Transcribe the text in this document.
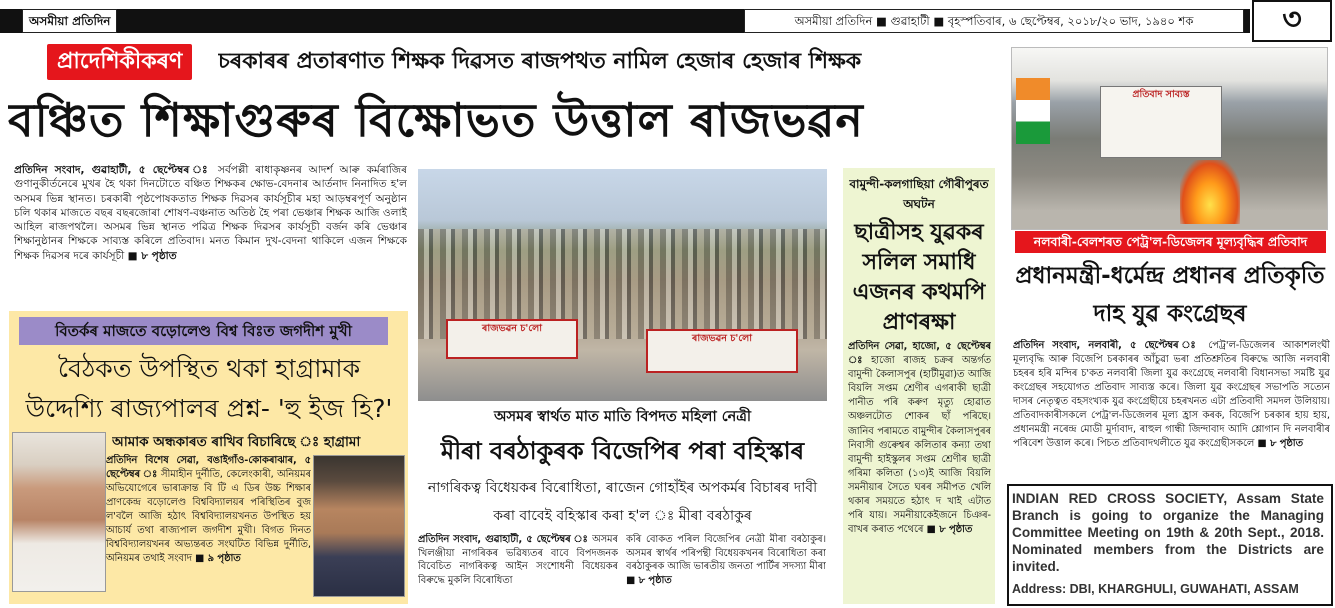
অসমীয়া প্ৰতিদিন	অসমীয়া প্ৰতিদিন ■ গুৱাহাটী ■ বৃহস্পতিবাৰ, ৬ ছেপ্টেম্বৰ, ২০১৮/২০ ভাদ, ১৯৪০ শক	৩
প্ৰাদেশিকীকৰণ	চৰকাৰৰ প্ৰতাৰণাত শিক্ষক দিৱসত ৰাজপথত নামিল হেজাৰ হেজাৰ শিক্ষক
বঞ্চিত শিক্ষাগুৰুৰ বিক্ষোভত উত্তাল ৰাজভৱন
প্ৰতিদিন সংবাদ, গুৱাহাটী, ৫ ছেপ্টেম্বৰ ঃ সৰ্বপল্লী ৰাধাকৃষ্ণনৰ আদৰ্শ আৰু কৰ্মৰাজিৰ গুণানুকীৰ্তনেৰে মুখৰ হৈ থকা দিনটোতে বঞ্চিত শিক্ষকৰ ক্ষোভ-বেদনাৰ আৰ্তনাদ নিনাদিত হ'ল অসমৰ ভিন্ন স্থানত। চৰকাৰী পৃষ্ঠপোষকতাত শিক্ষক দিৱসৰ কাৰ্যসূচীৰ মহা আড়ম্বৰপূৰ্ণ অনুষ্ঠান চলি থকাৰ মাজতে বছৰ বছৰজোৰা শোষণ-বঞ্চনাত অতিষ্ঠ হৈ পৰা ভেঞ্চাৰ শিক্ষক আজি ওলাই আহিল ৰাজপথলৈ। অসমৰ ভিন্ন স্থানত পৱিত্ৰ শিক্ষক দিৱসৰ কাৰ্যসূচী বৰ্জন কৰি ভেঞ্চাৰ শিক্ষানুষ্ঠানৰ শিক্ষকে সাব্যস্ত কৰিলে প্ৰতিবাদ। মনত কিমান দুখ-বেদনা থাকিলে এজন শিক্ষকে শিক্ষক দিৱসৰ দৰে কাৰ্যসূচী ■ ৮ পৃষ্ঠাত
বিতৰ্কৰ মাজতে বড়োলেণ্ড বিশ্ব বিঃত জগদীশ মুখী
বৈঠকত উপস্থিত থকা হাগ্ৰামাক উদ্দেশ্যি ৰাজ্যপালৰ প্ৰশ্ন- 'হু ইজ হি?'
আমাক অন্ধকাৰত ৰাখিব বিচাৰিছে ঃ হাগ্ৰামা
প্ৰতিদিন বিশেষ সেৱা, বঙাইগাঁও-কোকৰাঝাৰ, ৫ ছেপ্টেম্বৰ ঃ সীমাহীন দুৰ্নীতি, কেলেংকাৰী, অনিয়মৰ অভিযোগেৰে ভাৰাক্ৰান্ত বি টি এ ডিৰ উচ্চ শিক্ষাৰ প্ৰাণকেন্দ্ৰ বড়োলেণ্ড বিশ্ববিদ্যালয়ৰ পৰিস্থিতিৰ বুজ ল'বলৈ আজি হঠাৎ বিশ্ববিদ্যালয়খনত উপস্থিত হয় আচাৰ্য তথা ৰাজ্যপাল জগদীশ মুখী। বিগত দিনত বিশ্ববিদ্যালয়খনৰ অভ্যন্তৰত সংঘটিত বিভিন্ন দুৰ্নীতি, অনিয়মৰ তথাই সংবাদ ■ ৯ পৃষ্ঠাত
ৰাজভৱন চ'লো
ৰাজভৱন চ'লো
অসমৰ স্বাৰ্থত মাত মাতি বিপদত মহিলা নেত্ৰী
মীৰা বৰঠাকুৰক বিজেপিৰ পৰা বহিস্কাৰ
নাগৰিকত্ব বিধেয়কৰ বিৰোধিতা, ৰাজেন গোহাঁইৰ অপকৰ্মৰ বিচাৰৰ দাবী কৰা বাবেই বহিস্কাৰ কৰা হ'ল ঃ মীৰা বৰঠাকুৰ
প্ৰতিদিন সংবাদ, গুৱাহাটী, ৫ ছেপ্টেম্বৰ ঃ অসমৰ খিলঞ্জীয়া নাগৰিকৰ ভৱিষ্যতৰ বাবে বিপদজনক বিবেচিত নাগৰিকত্ব আইন সংশোধনী বিধেয়কৰ বিৰুদ্ধে মুকলি বিৰোধিতা
কৰি বোকত পৰিল বিজেপিৰ নেত্ৰী মীৰা বৰঠাকুৰ। অসমৰ স্বাৰ্থৰ পৰিপন্থী বিধেয়কখনৰ বিৰোধিতা কৰা বৰঠাকুৰক আজি ভাৰতীয় জনতা পাৰ্টিৰ সদস্যা মীৰা ■ ৮ পৃষ্ঠাত
বামুন্দী-কলগাছিয়া গৌৰীপুৰত অঘটন
ছাত্ৰীসহ যুৱকৰ সলিল সমাধি এজনৰ কথমপি প্ৰাণৰক্ষা
প্ৰতিদিন সেৱা, হাজো, ৫ ছেপ্টেম্বৰ ঃ হাজো ৰাজহ চক্ৰৰ অন্তৰ্গত বামুন্দী কৈলাসপুৰ (হাটীমুৱা)ত আজি বিয়লি সপ্তম শ্ৰেণীৰ এগৰাকী ছাত্ৰী পানীত পৰি কৰুণ মৃত্যু হোৱাত অঞ্চলটোত শোকৰ ছাঁ পৰিছে। জানিব পৰামতে বামুন্দীৰ কৈলাসপুৰৰ নিবাসী গুৰুেশ্বৰ কলিতাৰ কন্যা তথা বামুন্দী হাইস্কুলৰ সপ্তম শ্ৰেণীৰ ছাত্ৰী গৰিমা কলিতা (১৩)ই আজি বিয়লি সমনীয়াৰ সৈতে ঘৰৰ সমীপত খেলি থকাৰ সময়তে হঠাৎ দ খাই এটাত পৰি যায়। সমনীয়াকেইজনে চিঞৰ-বাখৰ কৰাত পথেৰে ■ ৮ পৃষ্ঠাত
প্ৰতিবাদ সাব্যস্ত
নলবাৰী-বেলশৰত পেট্ৰ'ল-ডিজেলৰ মূল্যবৃদ্ধিৰ প্ৰতিবাদ
প্ৰধানমন্ত্ৰী-ধৰ্মেন্দ্ৰ প্ৰধানৰ প্ৰতিকৃতি দাহ যুৱ কংগ্ৰেছৰ
প্ৰতিদিন সংবাদ, নলবাৰী, ৫ ছেপ্টেম্বৰ ঃ পেট্ৰ'ল-ডিজেলৰ আকাশলংঘী মূল্যবৃদ্ধি আৰু বিজেপি চৰকাৰৰ আঁচুৱা ভৰা প্ৰতিশ্ৰুতিৰ বিৰুদ্ধে আজি নলবাৰী চহৰৰ হৰি মন্দিৰ চ'কত নলবাৰী জিলা যুৱ কংগ্ৰেছে নলবাৰী বিধানসভা সমষ্টি যুৱ কংগ্ৰেছৰ সহযোগত প্ৰতিবাদ সাব্যস্ত কৰে। জিলা যুৱ কংগ্ৰেছৰ সভাপতি সত্যেন দাসৰ নেতৃত্বত বহসংখ্যক যুৱ কংগ্ৰেছীয়ে চহৰখনত এটা প্ৰতিবাদী সমদল উলিয়ায়। প্ৰতিবাদকাৰীসকলে পেট্ৰ'ল-ডিজেলৰ মূল্য হ্ৰাস কৰক, বিজেপি চৰকাৰ হায় হায়, প্ৰধানমন্ত্ৰী নৰেন্দ্ৰ মোডী মুৰ্দাবাদ, ৰাহুল গান্ধী জিন্দাবাদ আদি শ্লোগান দি নলবাৰীৰ পৰিবেশ উত্তাল কৰে। পিচত প্ৰতিবাদথলীতে যুৱ কংগ্ৰেছীসকলে ■ ৮ পৃষ্ঠাত
INDIAN RED CROSS SOCIETY, Assam State Branch is going to organize the Managing Committee Meeting on 19th & 20th Sept., 2018. Nominated members from the Districts are invited.
Address: DBI, KHARGHULI, GUWAHATI, ASSAM
